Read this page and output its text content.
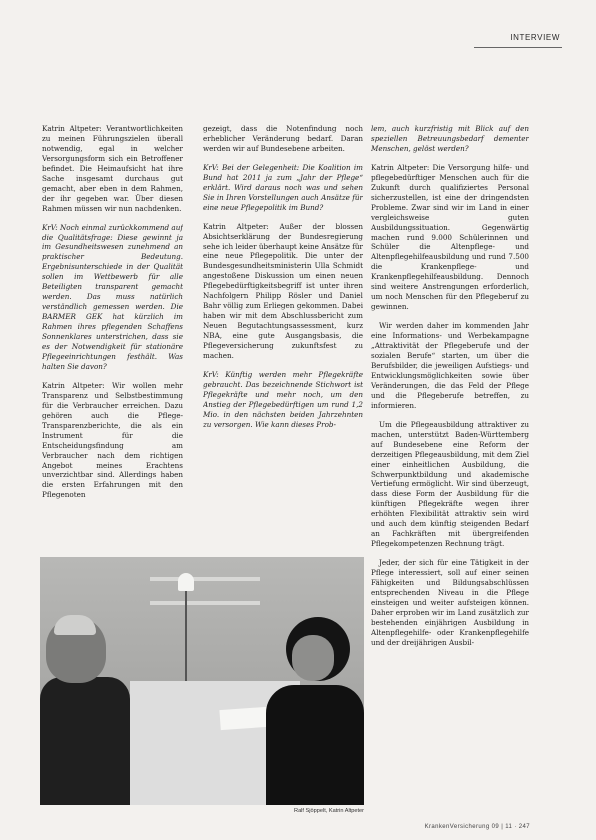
INTERVIEW

Katrin Altpeter: Verantwortlichkeiten zu meinen Führungszielen überall notwendig, egal in welcher Versorgungsform sich ein Betroffener befindet. Die Heimaufsicht hat ihre Sache insgesamt durchaus gut gemacht, aber eben in dem Rahmen, der ihr gegeben war. Über diesen Rahmen müssen wir nun nachdenken.

KrV: Noch einmal zurückkommend auf die Qualitätsfrage: Diese gewinnt ja im Gesundheitswesen zunehmend an praktischer Bedeutung. Ergebnisunterschiede in der Qualität sollen im Wettbewerb für alle Beteiligten transparent gemacht werden. Das muss natürlich verständlich gemessen werden. Die BARMER GEK hat kürzlich im Rahmen ihres pflegenden Schaffens Sonnenklares unterstrichen, dass sie es der Notwendigkeit für stationäre Pflegeeinrichtungen festhält. Was halten Sie davon?

Katrin Altpeter: Wir wollen mehr Transparenz und Selbstbestimmung für die Verbraucher erreichen. Dazu gehören auch die Pflege-Transparenzberichte, die als ein Instrument für die Entscheidungsfindung am Verbraucher nach dem richtigen Angebot meines Erachtens unverzichtbar sind. Allerdings haben die ersten Erfahrungen mit den Pflegenoten

gezeigt, dass die Notenfindung noch erheblicher Veränderung bedarf. Daran werden wir auf Bundesebene arbeiten.

KrV: Bei der Gelegenheit: Die Koalition im Bund hat 2011 ja zum „Jahr der Pflege“ erklärt. Wird daraus noch was und sehen Sie in Ihren Vorstellungen auch Ansätze für eine neue Pflegepolitik im Bund?

Katrin Altpeter: Außer der blossen Absichtserklärung der Bundesregierung sehe ich leider überhaupt keine Ansätze für eine neue Pflegepolitik. Die unter der Bundesgesundheitsministerin Ulla Schmidt angestoßene Diskussion um einen neuen Pflegebedürftigkeitsbegriff ist unter ihren Nachfolgern Philipp Rösler und Daniel Bahr völlig zum Erliegen gekommen. Dabei haben wir mit dem Abschlussbericht zum Neuen Begutachtungsassessment, kurz NBA, eine gute Ausgangsbasis, die Pflegeversicherung zukunftsfest zu machen.

KrV: Künftig werden mehr Pflegekräfte gebraucht. Das bezeichnende Stichwort ist Pflegekräfte und mehr noch, um den Anstieg der Pflegebedürftigen um rund 1,2 Mio. in den nächsten beiden Jahrzehnten zu versorgen. Wie kann dieses Prob-

lem, auch kurzfristig mit Blick auf den speziellen Betreuungsbedarf dementer Menschen, gelöst werden?

Katrin Altpeter: Die Versorgung hilfe- und pflegebedürftiger Menschen auch für die Zukunft durch qualifiziertes Personal sicherzustellen, ist eine der dringendsten Probleme. Zwar sind wir im Land in einer vergleichsweise guten Ausbildungssituation. Gegenwärtig machen rund 9.000 Schülerinnen und Schüler die Altenpflege- und Altenpflegehilfeausbildung und rund 7.500 die Krankenpflege- und Krankenpflegehilfeausbildung. Dennoch sind weitere Anstrengungen erforderlich, um noch Menschen für den Pflegeberuf zu gewinnen.

Wir werden daher im kommenden Jahr eine Informations- und Werbekampagne „Attraktivität der Pflegeberufe und der sozialen Berufe“ starten, um über die Berufsbilder, die jeweiligen Aufstiegs- und Entwicklungsmöglichkeiten sowie über Veränderungen, die das Feld der Pflege und die Pflegeberufe betreffen, zu informieren.

Um die Pflegeausbildung attraktiver zu machen, unterstützt Baden-Württemberg auf Bundesebene eine Reform der derzeitigen Pflegeausbildung, mit dem Ziel einer einheitlichen Ausbildung, die Schwerpunktbildung und akademische Vertiefung ermöglicht. Wir sind überzeugt, dass diese Form der Ausbildung für die künftigen Pflegekräfte wegen ihrer erhöhten Flexibilität attraktiv sein wird und auch dem künftig steigenden Bedarf an Fachkräften mit übergreifenden Pflegekompetenzen Rechnung trägt.

Jeder, der sich für eine Tätigkeit in der Pflege interessiert, soll auf einer seinen Fähigkeiten und Bildungsabschlüssen entsprechenden Niveau in die Pflege einsteigen und weiter aufsteigen können. Daher erproben wir im Land zusätzlich zur bestehenden einjährigen Ausbildung in Altenpflegehilfe- oder Krankenpflegehilfe und der dreijährigen Ausbil-

Ralf Sjöppelt, Katrin Altpeter
KrankenVersicherung 09 | 11 · 247
